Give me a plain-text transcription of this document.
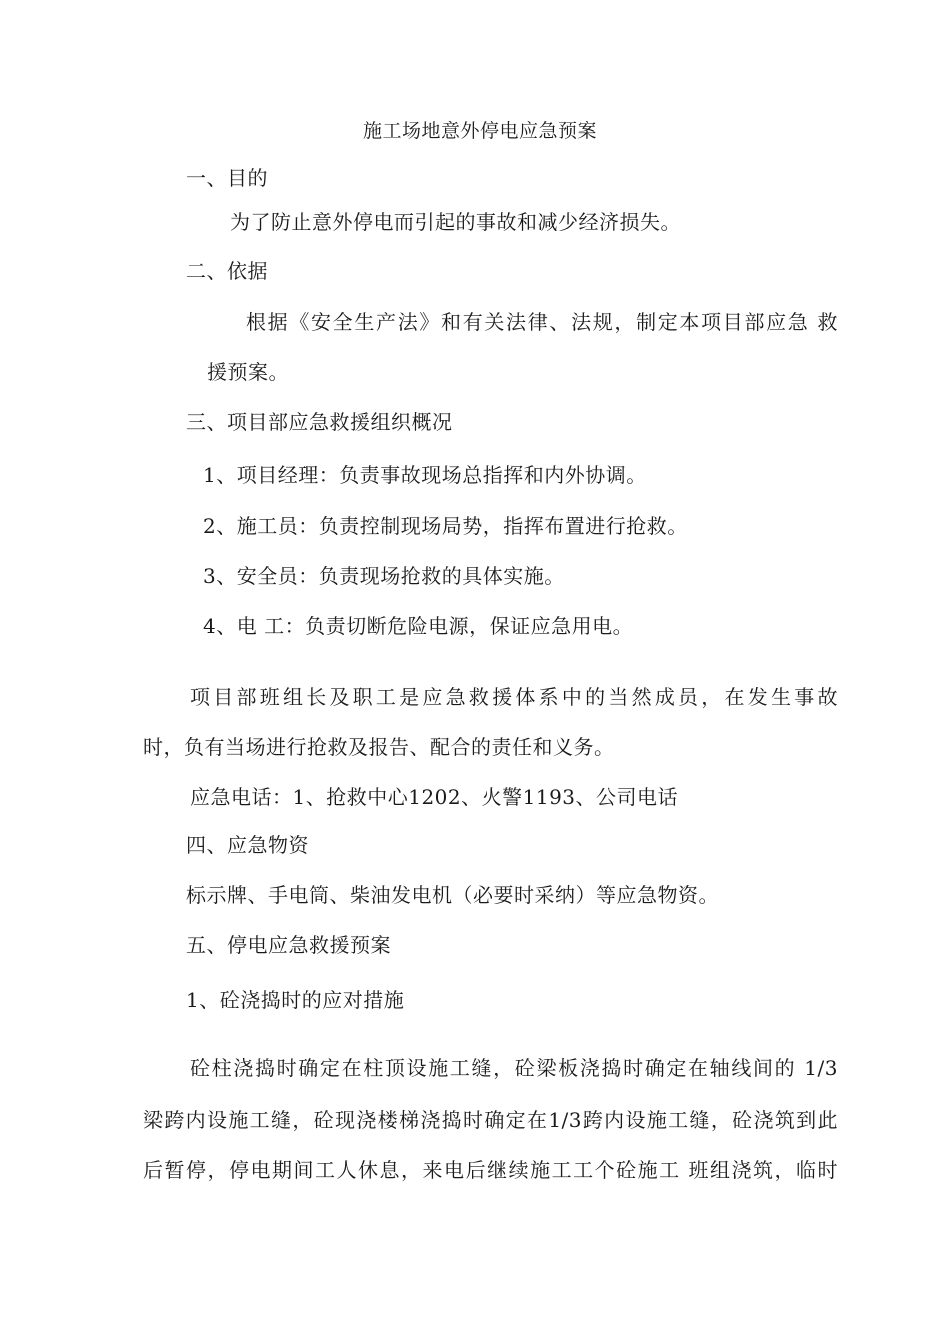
施工场地意外停电应急预案
一、目的
为了防止意外停电而引起的事故和减少经济损失。
二、依据
根据《安全生产法》和有关法律、法规，制定本项目部应急 救
援预案。
三、项目部应急救援组织概况
1、项目经理：负责事故现场总指挥和内外协调。
2、施工员：负责控制现场局势，指挥布置进行抢救。
3、安全员：负责现场抢救的具体实施。
4、电 工：负责切断危险电源，保证应急用电。
项目部班组长及职工是应急救援体系中的当然成员，在发生事故
时，负有当场进行抢救及报告、配合的责任和义务。
应急电话：1、抢救中心1202、火警1193、公司电话
四、应急物资
标示牌、手电筒、柴油发电机（必要时采纳）等应急物资。
五、停电应急救援预案
1、砼浇捣时的应对措施
砼柱浇捣时确定在柱顶设施工缝，砼梁板浇捣时确定在轴线间的 1/3
梁跨内设施工缝，砼现浇楼梯浇捣时确定在1/3跨内设施工缝，砼浇筑到此
后暂停，停电期间工人休息，来电后继续施工工个砼施工 班组浇筑，临时
